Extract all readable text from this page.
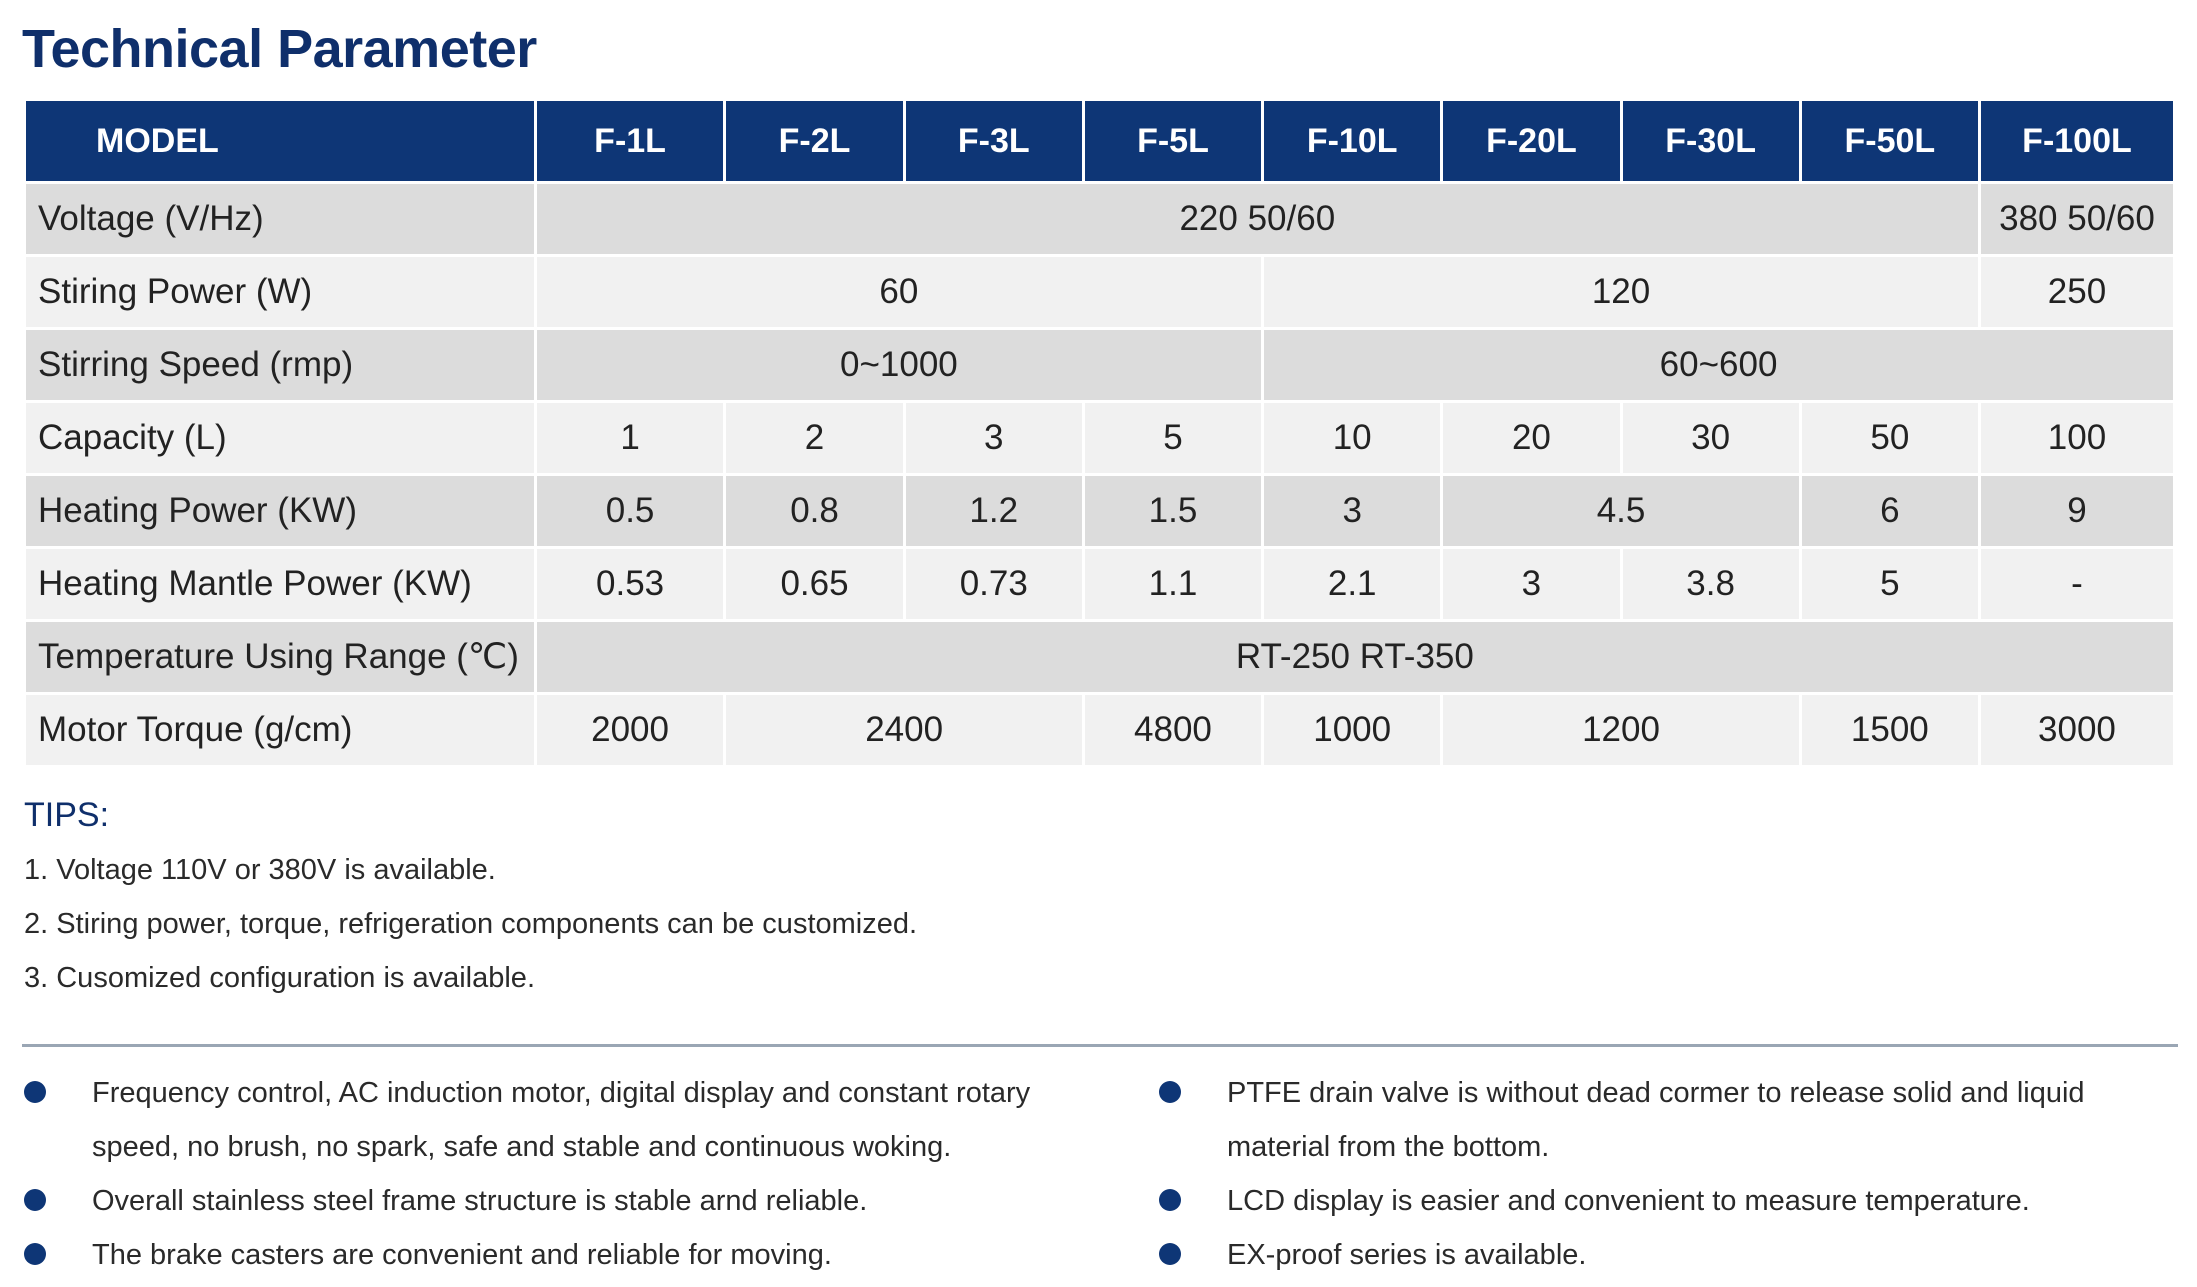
Technical Parameter
MODEL	F-1L	F-2L	F-3L	F-5L	F-10L	F-20L	F-30L	F-50L	F-100L
Voltage (V/Hz)	220 50/60								380 50/60
Stiring Power (W)	60				120				250
Stirring Speed (rmp)	0~1000				60~600				
Capacity (L)	1	2	3	5	10	20	30	50	100
Heating Power (KW)	0.5	0.8	1.2	1.5	3	4.5		6	9
Heating Mantle Power (KW)	0.53	0.65	0.73	1.1	2.1	3	3.8	5	-
Temperature Using Range (℃)	RT-250 RT-350								
Motor Torque (g/cm)	2000	2400		4800	1000	1200		1500	3000
TIPS:
1. Voltage 110V or 380V is available.
2. Stiring power, torque, refrigeration components can be customized.
3. Cusomized configuration is available.
Frequency control, AC induction motor, digital display and constant rotary speed, no brush, no spark, safe and stable and continuous woking.
Overall stainless steel frame structure is stable arnd reliable.
The brake casters are convenient and reliable for moving.
PTFE drain valve is without dead cormer to release solid and liquid material from the bottom.
LCD display is easier and convenient to measure temperature.
EX-proof series is available.
